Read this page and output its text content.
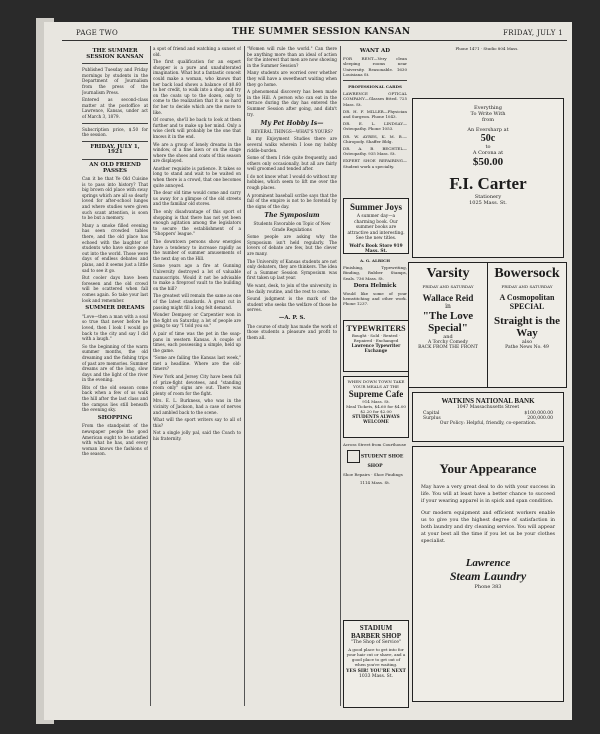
PAGE TWO	THE SUMMER SESSION KANSAN	FRIDAY, JULY 1
THE SUMMER SESSION KANSAN

Published Tuesday and Friday mornings by students in the Department of Journalism from the press of the Journalism Press.

Entered as second-class matter at the postoffice at Lawrence, Kansas, under act of March 3, 1879.

Subscription price, $.50 for the session.

FRIDAY, JULY 1, 1921
AN OLD FRIEND PASSES

Can it be that Ye Old Cuisine is to pass into history? That big brown old place with sway springs which are all so dearly loved for after-school lunges and where studies were given such scant attention, is soon to be but a memory.

Many a smoke filled evening has seen crowded tables there, and the old place has echoed with the laughter of students who have since gone out into the world. Those were days of endless debates and plans, and it seems just a little sad to see it go.

But cooler days have been foreseen and the old crowd will be scattered when fall comes again. So take your last look and remember.

SUMMER DREAMS

"Love—then a man with a soul so true that never before he loved, then I look I would go back to the city and say I did with a laugh."

So the beginning of the warm summer months, the old dreaming and the fishing trips of past are memories. Summer dreams are of the long, slow days and the light of the river in the evening.

Bits of the old season come back when a few of us walk the hill after the last class and the campus lies still beneath the evening sky.

SHOPPING

From the standpoint of the newspaper people the good American ought to be satisfied with what he has, and every woman knows the fashions of the season.

a spot of friend and watching a sunset of old.

The first qualification for an expert shopper is a pure and unadulterated imagination. What but a fantastic conceit could make a woman, who knows that her back load shows a balance of $0.60 to her credit, to walk into a shop and try on the coats up to the dozen, only to come to the realization that it is so hard for her to decide which are the more to like.

Of course, she'll be back to look at them further and to make up her mind. Only a wise clerk will probably be the one that knows it in the end.

We are a group of lonely dreams in the window, of a fine lawn or on the stage where the shoes and coats of this season are displayed.

Another requisite is patience. It takes so long to stand and wait to be waited on when there is a crowd, that one becomes quite annoyed.

The dear old time would come and carry us away for a glimpse of the old streets and the familiar old stores.

The only disadvantage of this sport of shopping is that there has not yet been enough agitation among the legislators to secure the establishment of a "Shoppers' league."

The downtown persons show energies have a tendency to increase rapidly as the number of summer amusements of the next day on the Hill.

Some years ago a fire at Gunning University destroyed a lot of valuable manuscripts. Would it not be advisable to make a fireproof vault to the building on the hill?

The greatest will remain the same as one of the latest standards. A great cut in passing might fill a long felt demand.

Wonder Dempsey or Carpentier won in the fight on Saturday, a lot of people are going to say "I told you so."

A pair of time was the pet in the soap-pans in western Kansas. A couple of times, each possessing a simple, held up the game.

"Some are failing the Kansas last week," met a headline. Where are the old-timers?

New York and Jersey City have been full of prize-fight devotees, and "standing room only" signs are out. There was plenty of room for the fight.

Mrs. E. L. Burkness, who was in the vicinity of Jackson, had a case of nerves and ambled back to the scene.

What will the sport writers say to all of this?

Not a single jolly pal, said the Coach to his fraternity.

"Women will rule the world." Can there be anything more than an ideal of action for the interest that men are now showing in the Summer Session?

Many students are worried over whether they will have a sweetheart waiting when they go home.

A phenomenal discovery has been made in the Hill. A person who can eat in the terrace during the day has entered the Summer Session after going, and didn't try.

My Pet Hobby Is—

REVERAL THINGS—WHAT'S YOURS?

In my Enjoyment Studies there are several walks wherein I lose my hobby riddle-burden.

Some of them I ride quite frequently, and others only occasionally, but all are fairly well groomed and tended after.

I do not know what I would do without my hobbies, which seem to lift me over the rough places.

A prominent baseball scribe says that the fall of the empire is not to be foretold by the signs of the day.

The Symposium

Students Favorable on Topic of New Grade Regulations

Some people are asking why the Symposium isn't held regularly. The lovers of debate are few, but the clever are many.

The University of Kansas students are not only debaters, they are thinkers. The idea of a Summer Session Symposium was first taken up last year.

We want, desk, to join of the university, in the daily routine, and the rest to come.

Sound judgment is the mark of the student who seeks the welfare of those he serves.

—A. P. S.

The course of study has made the work of those students a pleasure and profit to them all.

WANT AD

FOR RENT—Very clean sleeping rooms near University. Reasonable. 1630 Louisiana St.

PROFESSIONAL CARDS

LAWRENCE OPTICAL COMPANY—Glasses fitted. 725 Mass. St.

DR. H. F. MILLER—Physician and Surgeon. Phone 1043.

DR. E. L. LINDSAY—Osteopathy. Phone 1053.

DR. W. AYRES, K. M. B.—Chiropody. Shaffer Bldg.

DR. A. B. BECHTEL—Osteopathy. 935 Mass. St.

EXPERT SHOE REPAIRING—Student work a specialty.

Summer Joys
A summer day—a charming book. Our summer books are attractive and interesting. See the new titles.
Wolf's Book Store 919 Mass. St.

A. G. ALRICH

Finishing, Typewriting, Binding, Rubber Stamps, Seals. 736 Mass. St.

Dora Helmick

Would like some of your hemstitching and other work. Phone 1237.

TYPEWRITERS
Bought · Sold · Rented · Repaired · Exchanged
Lawrence Typewriter Exchange
WHEN DOWN TOWN TAKE YOUR MEALS AT THE
Supreme Cafe
914 Mass. St.
Meal Tickets, $4.60 for $4.00 $2.20 for $2.00
STUDENTS ALWAYS WELCOME

Across Street from Courthouse

STUDENT SHOE SHOP

Shoe Repairs · Shoe Findings

1114 Mass. St.

STADIUM
BARBER SHOP
"The Shop of Service"
A good place to get into for your hair cut or shave, and a good place to get out of when you're waiting.
YES SIR! YOU'RE NEXT
1033 Mass. St.

Phone 1471 · Studio 804 Mass.

Everything
To Write With
from
An Eversharp at
50c
to
A Corona at
$50.00
F.I. Carter
Stationery
1025 Mass. St.
Varsity
FRIDAY AND SATURDAY
Wallace Reid
in
"The Love Special"
and
A Torchy Comedy
BACK FROM THE FRONT
Bowersock
FRIDAY AND SATURDAY
A Cosmopolitan SPECIAL
Straight is the Way
also
Pathe News No. 49
WATKINS NATIONAL BANK
1047 Massachusetts Street
Capital	$100,000.00
Surplus	200,000.00
Our Policy: Helpful, friendly, co-operation.
Your Appearance
May have a very great deal to do with your success in life. You will at least have a better chance to succeed if your wearing apparel is in spick and span condition.
Our modern equipment and efficient workers enable us to give you the highest degree of satisfaction in both laundry and dry cleaning service. You will appear at your best all the time if you let us be your clothes specialist.
Lawrence
Steam Laundry
Phone 383
